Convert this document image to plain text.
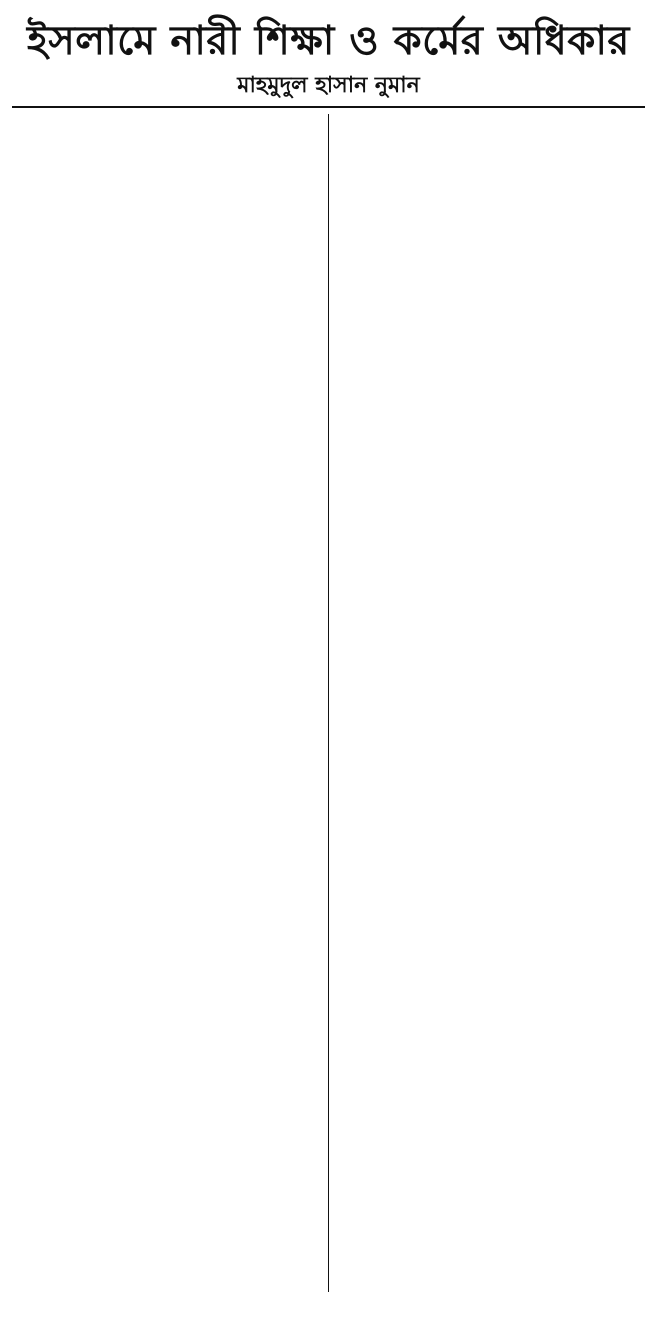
ইসলামে নারী শিক্ষা ও কর্মের অধিকার
মাহমুদুল হাসান নুমান
